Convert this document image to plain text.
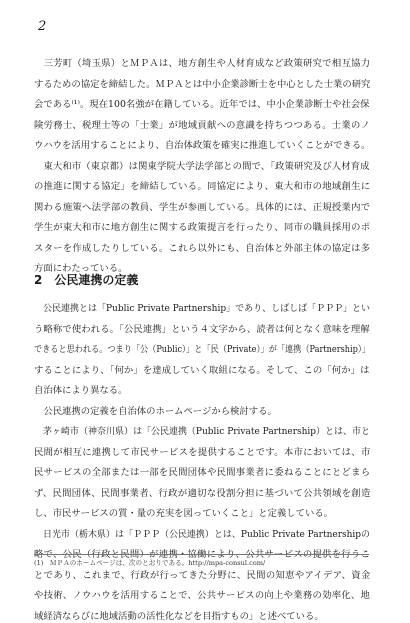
2
　三芳町（埼玉県）とＭＰＡは、地方創生や人材育成など政策研究で相互協力
するための協定を締結した。ＭＰＡとは中小企業診断士を中心とした士業の研究
会である⁽¹⁾。現在100名強が在籍している。近年では、中小企業診断士や社会保
険労務士、税理士等の「士業」が地域貢献への意識を持ちつつある。士業のノ
ウハウを活用することにより、自治体政策を確実に推進していくことができる。
　東大和市（東京都）は関東学院大学法学部との間で、「政策研究及び人材育成
の推進に関する協定」を締結している。同協定により、東大和市の地域創生に
関わる施策へ法学部の教員、学生が参画している。具体的には、正規授業内で
学生が東大和市に地方創生に関する政策提言を行ったり、同市の職員採用のポ
スターを作成したりしている。これら以外にも、自治体と外部主体の協定は多
方面にわたっている。
2　公民連携の定義
　公民連携とは「Public Private Partnership」であり、しばしば「ＰＰＰ」とい
う略称で使われる。「公民連携」という４文字から、読者は何となく意味を理解
できると思われる。つまり「公（Public）」と「民（Private）」が「連携（Partnership）」
することにより、「何か」を達成していく取組になる。そして、この「何か」は
自治体により異なる。
　公民連携の定義を自治体のホームページから検討する。
　茅ヶ崎市（神奈川県）は「公民連携（Public Private Partnership）とは、市と
民間が相互に連携して市民サービスを提供することです。本市においては、市
民サービスの全部または一部を民間団体や民間事業者に委ねることにとどまら
ず、民間団体、民間事業者、行政が適切な役割分担に基づいて公共領域を創造
し、市民サービスの質・量の充実を図っていくこと」と定義している。
　日光市（栃木県）は「ＰＰＰ（公民連携）とは、Public Private Partnershipの
略で、公民（行政と民間）が連携・協働により、公共サービスの提供を行うこ
とであり、これまで、行政が行ってきた分野に、民間の知恵やアイデア、資金
や技術、ノウハウを活用することで、公共サービスの向上や業務の効率化、地
域経済ならびに地域活動の活性化などを目指すもの」と述べている。
(1)　ＭＰＡのホームページは、次のとおりである。http://mpa-consul.com/
